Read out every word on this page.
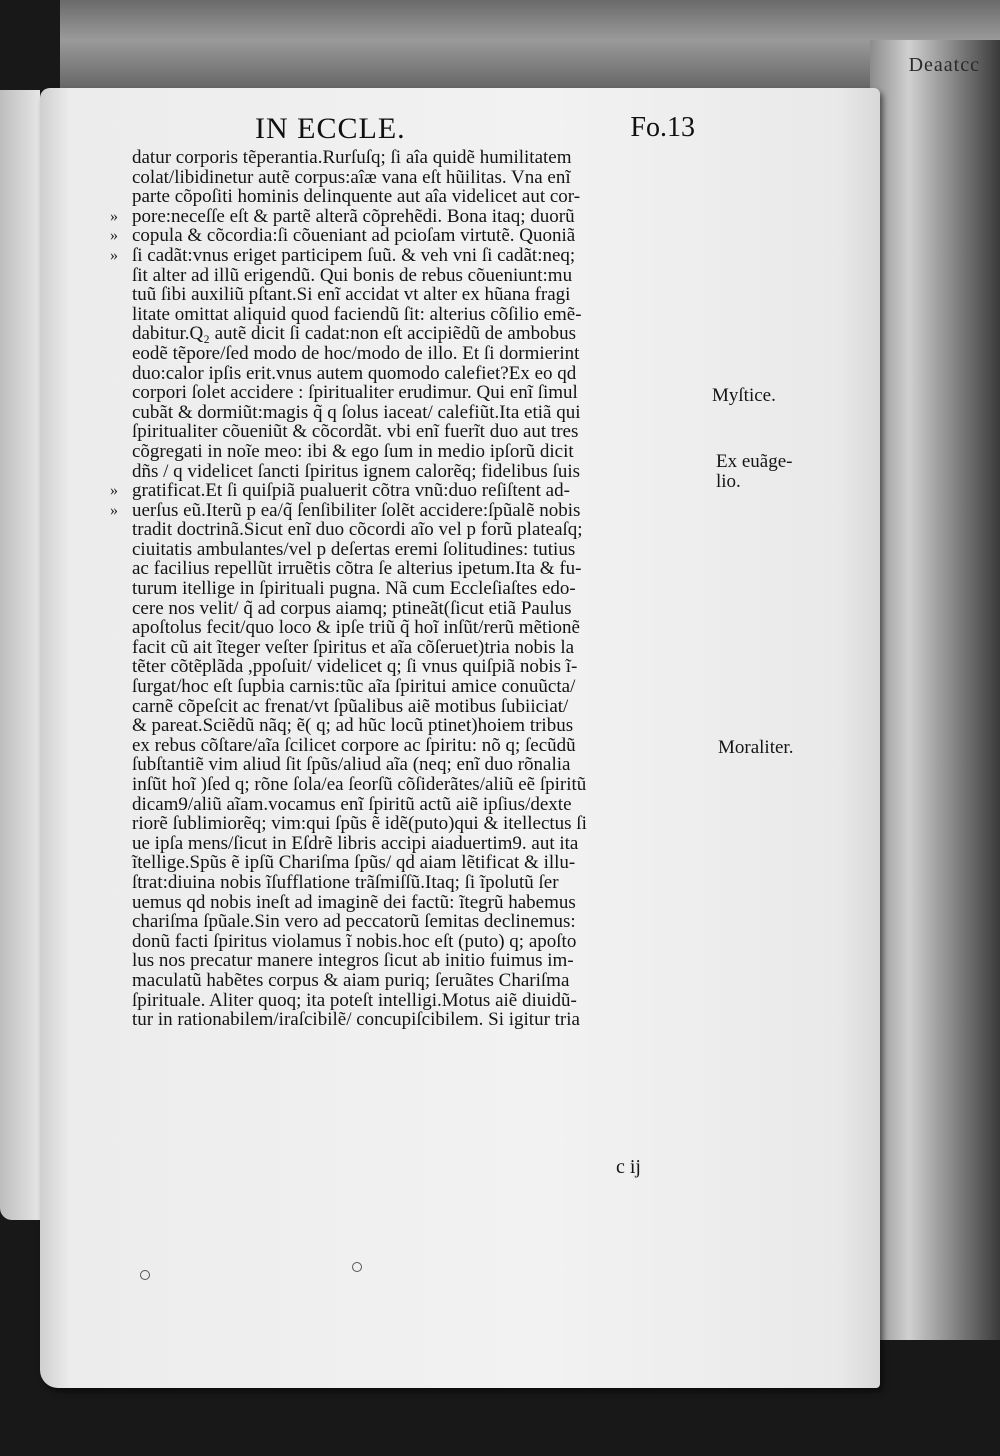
Deaatcc
IN ECCLE.	Fo.13
datur corporis tẽperantia.Rurſuſq; ſi aîa quidẽ humilitatem
colat/libidinetur autẽ corpus:aîæ vana eſt hũilitas. Vna enĩ
parte cõpoſiti hominis delinquente aut aîa videlicet aut cor-
» pore:neceſſe eſt & partẽ alterã cõprehẽdi. Bona itaq; duorũ
» copula & cõcordia:ſi cõueniant ad pcioſam virtutẽ. Quoniã
» ſi cadãt:vnus eriget participem ſuũ. & veh vni ſi cadãt:neq;
ſit alter ad illũ erigendũ. Qui bonis de rebus cõueniunt:mu
tuũ ſibi auxiliũ pſtant.Si enĩ accidat vt alter ex hũana fragi
litate omittat aliquid quod faciendũ ſit: alterius cõſilio emẽ-
dabitur.Q₂ autẽ dicit ſi cadat:non eſt accipiẽdũ de ambobus
eodẽ tẽpore/ſed modo de hoc/modo de illo. Et ſi dormierint
duo:calor ipſis erit.vnus autem quomodo calefiet?Ex eo qd
corpori ſolet accidere : ſpiritualiter erudimur. Qui enĩ ſimul
cubãt & dormiũt:magis q̃ q ſolus iaceat/ calefiũt.Ita etiã qui
ſpiritualiter cõueniũt & cõcordãt. vbi enĩ fuerĩt duo aut tres
cõgregati in noĩe meo: ibi & ego ſum in medio ipſorũ dicit
dñs / q videlicet ſancti ſpiritus ignem calorẽq; fidelibus ſuis
» gratificat.Et ſi quiſpiã pualuerit cõtra vnũ:duo reſiſtent ad-
» uerſus eũ.Iterũ p ea/q̃ ſenſibiliter ſolẽt accidere:ſpũalẽ nobis
tradit doctrinã.Sicut enĩ duo cõcordi aĩo vel p forũ plateaſq;
ciuitatis ambulantes/vel p deſertas eremi ſolitudines: tutius
ac facilius repellũt irruẽtis cõtra ſe alterius ipetum.Ita & fu-
turum itellige in ſpirituali pugna. Nã cum Eccleſiaſtes edo-
cere nos velit/ q̃ ad corpus aiamq; ptineãt(ſicut etiã Paulus
apoſtolus fecit/quo loco & ipſe triũ q̃ hoĩ inſũt/rerũ mẽtionẽ
facit cũ ait ĩteger veſter ſpiritus et aĩa cõſeruet)tria nobis la
tẽter cõtẽplãda ,ppoſuit/ videlicet q; ſi vnus quiſpiã nobis ĩ-
ſurgat/hoc eſt ſupbia carnis:tũc aĩa ſpiritui amice conuũcta/
carnẽ cõpeſcit ac frenat/vt ſpũalibus aiẽ motibus ſubiiciat/
& pareat.Sciẽdũ nãq; ẽ( q; ad hũc locũ ptinet)hoiem tribus
ex rebus cõſtare/aĩa ſcilicet corpore ac ſpiritu: nõ q; ſecũdũ
ſubſtantiẽ vim aliud ſit ſpũs/aliud aĩa (neq; enĩ duo rõnalia
inſũt hoĩ )ſed q; rõne ſola/ea ſeorſũ cõſiderãtes/aliũ eẽ ſpiritũ
dicam9/aliũ aĩam.vocamus enĩ ſpiritũ actũ aiẽ ipſius/dexte
riorẽ ſublimiorẽq; vim:qui ſpũs ẽ idẽ(puto)qui & itellectus ſi
ue ipſa mens/ſicut in Eſdrẽ libris accipi aiaduertim9. aut ita
ĩtellige.Spũs ẽ ipſũ Chariſma ſpũs/ qd aiam lẽtificat & illu-
ſtrat:diuina nobis ĩſufflatione trãſmiſſũ.Itaq; ſi ĩpolutũ ſer
uemus qd nobis ineſt ad imaginẽ dei factũ: ĩtegrũ habemus
chariſma ſpũale.Sin vero ad peccatorũ ſemitas declinemus:
donũ facti ſpiritus violamus ĩ nobis.hoc eſt (puto) q; apoſto
lus nos precatur manere integros ſicut ab initio fuimus im-
maculatũ habẽtes corpus & aiam puriq; ſeruãtes Chariſma
ſpirituale. Aliter quoq; ita poteſt intelligi.Motus aiẽ diuidũ-
tur in rationabilem/iraſcibilẽ/ concupiſcibilem. Si igitur tria
Myſtice.
Ex euãge-
lio.
Moraliter.
c ij
